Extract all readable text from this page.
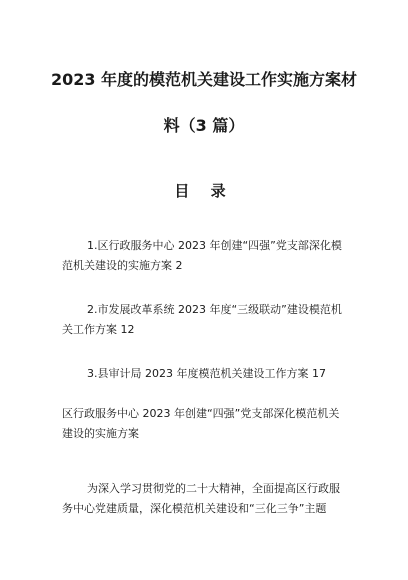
2023 年度的模范机关建设工作实施方案材
料（3 篇）
目 录
1.区行政服务中心 2023 年创建“四强”党支部深化模
范机关建设的实施方案 2
2.市发展改革系统 2023 年度“三级联动”建设模范机
关工作方案 12
3.县审计局 2023 年度模范机关建设工作方案 17
区行政服务中心 2023 年创建“四强”党支部深化模范机关
建设的实施方案
为深入学习贯彻党的二十大精神，全面提高区行政服
务中心党建质量，深化模范机关建设和“三化三争”主题
